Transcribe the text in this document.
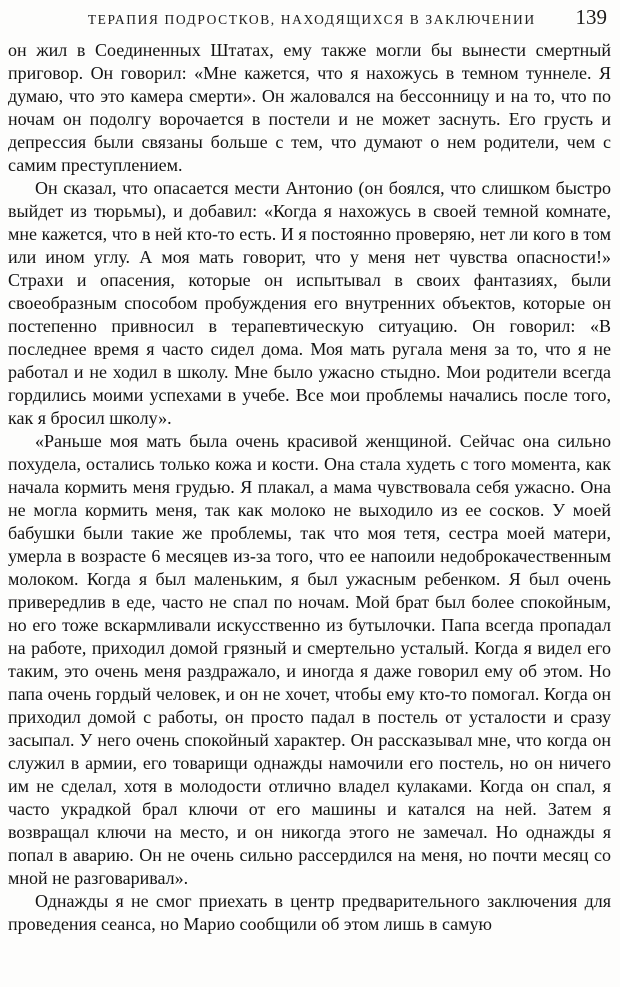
ТЕРАПИЯ ПОДРОСТКОВ, НАХОДЯЩИХСЯ В ЗАКЛЮЧЕНИИ	139

он жил в Соединенных Штатах, ему также могли бы вынести смертный приговор. Он говорил: «Мне кажется, что я нахожусь в темном туннеле. Я думаю, что это камера смерти». Он жаловался на бессонницу и на то, что по ночам он подолгу ворочается в постели и не может заснуть. Его грусть и депрессия были связаны больше с тем, что думают о нем родители, чем с самим преступлением.

Он сказал, что опасается мести Антонио (он боялся, что слишком быстро выйдет из тюрьмы), и добавил: «Когда я нахожусь в своей темной комнате, мне кажется, что в ней кто-то есть. И я постоянно проверяю, нет ли кого в том или ином углу. А моя мать говорит, что у меня нет чувства опасности!» Страхи и опасения, которые он испытывал в своих фантазиях, были своеобразным способом пробуждения его внутренних объектов, которые он постепенно привносил в терапевтическую ситуацию. Он говорил: «В последнее время я часто сидел дома. Моя мать ругала меня за то, что я не работал и не ходил в школу. Мне было ужасно стыдно. Мои родители всегда гордились моими успехами в учебе. Все мои проблемы начались после того, как я бросил школу».

«Раньше моя мать была очень красивой женщиной. Сейчас она сильно похудела, остались только кожа и кости. Она стала худеть с того момента, как начала кормить меня грудью. Я плакал, а мама чувствовала себя ужасно. Она не могла кормить меня, так как молоко не выходило из ее сосков. У моей бабушки были такие же проблемы, так что моя тетя, сестра моей матери, умерла в возрасте 6 месяцев из-за того, что ее напоили недоброкачественным молоком. Когда я был маленьким, я был ужасным ребенком. Я был очень привередлив в еде, часто не спал по ночам. Мой брат был более спокойным, но его тоже вскармливали искусственно из бутылочки. Папа всегда пропадал на работе, приходил домой грязный и смертельно усталый. Когда я видел его таким, это очень меня раздражало, и иногда я даже говорил ему об этом. Но папа очень гордый человек, и он не хочет, чтобы ему кто-то помогал. Когда он приходил домой с работы, он просто падал в постель от усталости и сразу засыпал. У него очень спокойный характер. Он рассказывал мне, что когда он служил в армии, его товарищи однажды намочили его постель, но он ничего им не сделал, хотя в молодости отлично владел кулаками. Когда он спал, я часто украдкой брал ключи от его машины и катался на ней. Затем я возвращал ключи на место, и он никогда этого не замечал. Но однажды я попал в аварию. Он не очень сильно рассердился на меня, но почти месяц со мной не разговаривал».

Однажды я не смог приехать в центр предварительного заключения для проведения сеанса, но Марио сообщили об этом лишь в самую
